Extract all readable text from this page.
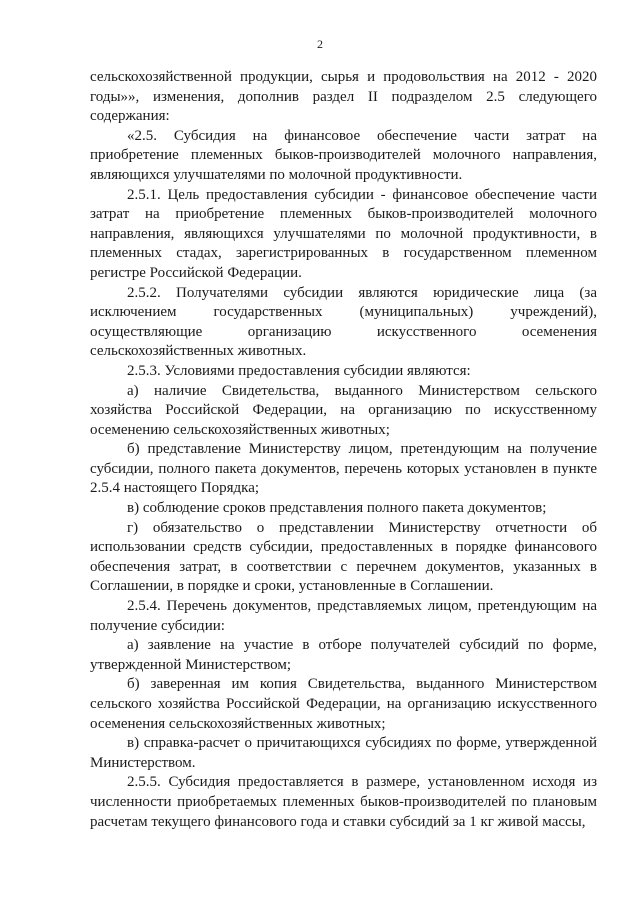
2

сельскохозяйственной продукции, сырья и продовольствия на 2012 - 2020 годы»», изменения, дополнив раздел II подразделом 2.5 следующего содержания:

«2.5. Субсидия на финансовое обеспечение части затрат на приобретение племенных быков-производителей молочного направления, являющихся улучшателями по молочной продуктивности.

2.5.1. Цель предоставления субсидии - финансовое обеспечение части затрат на приобретение племенных быков-производителей молочного направления, являющихся улучшателями по молочной продуктивности, в племенных стадах, зарегистрированных в государственном племенном регистре Российской Федерации.

2.5.2. Получателями субсидии являются юридические лица (за исключением государственных (муниципальных) учреждений), осуществляющие организацию искусственного осеменения сельскохозяйственных животных.

2.5.3. Условиями предоставления субсидии являются:

а) наличие Свидетельства, выданного Министерством сельского хозяйства Российской Федерации, на организацию по искусственному осеменению сельскохозяйственных животных;

б) представление Министерству лицом, претендующим на получение субсидии, полного пакета документов, перечень которых установлен в пункте 2.5.4 настоящего Порядка;

в) соблюдение сроков представления полного пакета документов;

г) обязательство о представлении Министерству отчетности об использовании средств субсидии, предоставленных в порядке финансового обеспечения затрат, в соответствии с перечнем документов, указанных в Соглашении, в порядке и сроки, установленные в Соглашении.

2.5.4. Перечень документов, представляемых лицом, претендующим на получение субсидии:

а) заявление на участие в отборе получателей субсидий по форме, утвержденной Министерством;

б) заверенная им копия Свидетельства, выданного Министерством сельского хозяйства Российской Федерации, на организацию искусственного осеменения сельскохозяйственных животных;

в) справка-расчет о причитающихся субсидиях по форме, утвержденной Министерством.

2.5.5. Субсидия предоставляется в размере, установленном исходя из численности приобретаемых племенных быков-производителей по плановым расчетам текущего финансового года и ставки субсидий за 1 кг живой массы,
